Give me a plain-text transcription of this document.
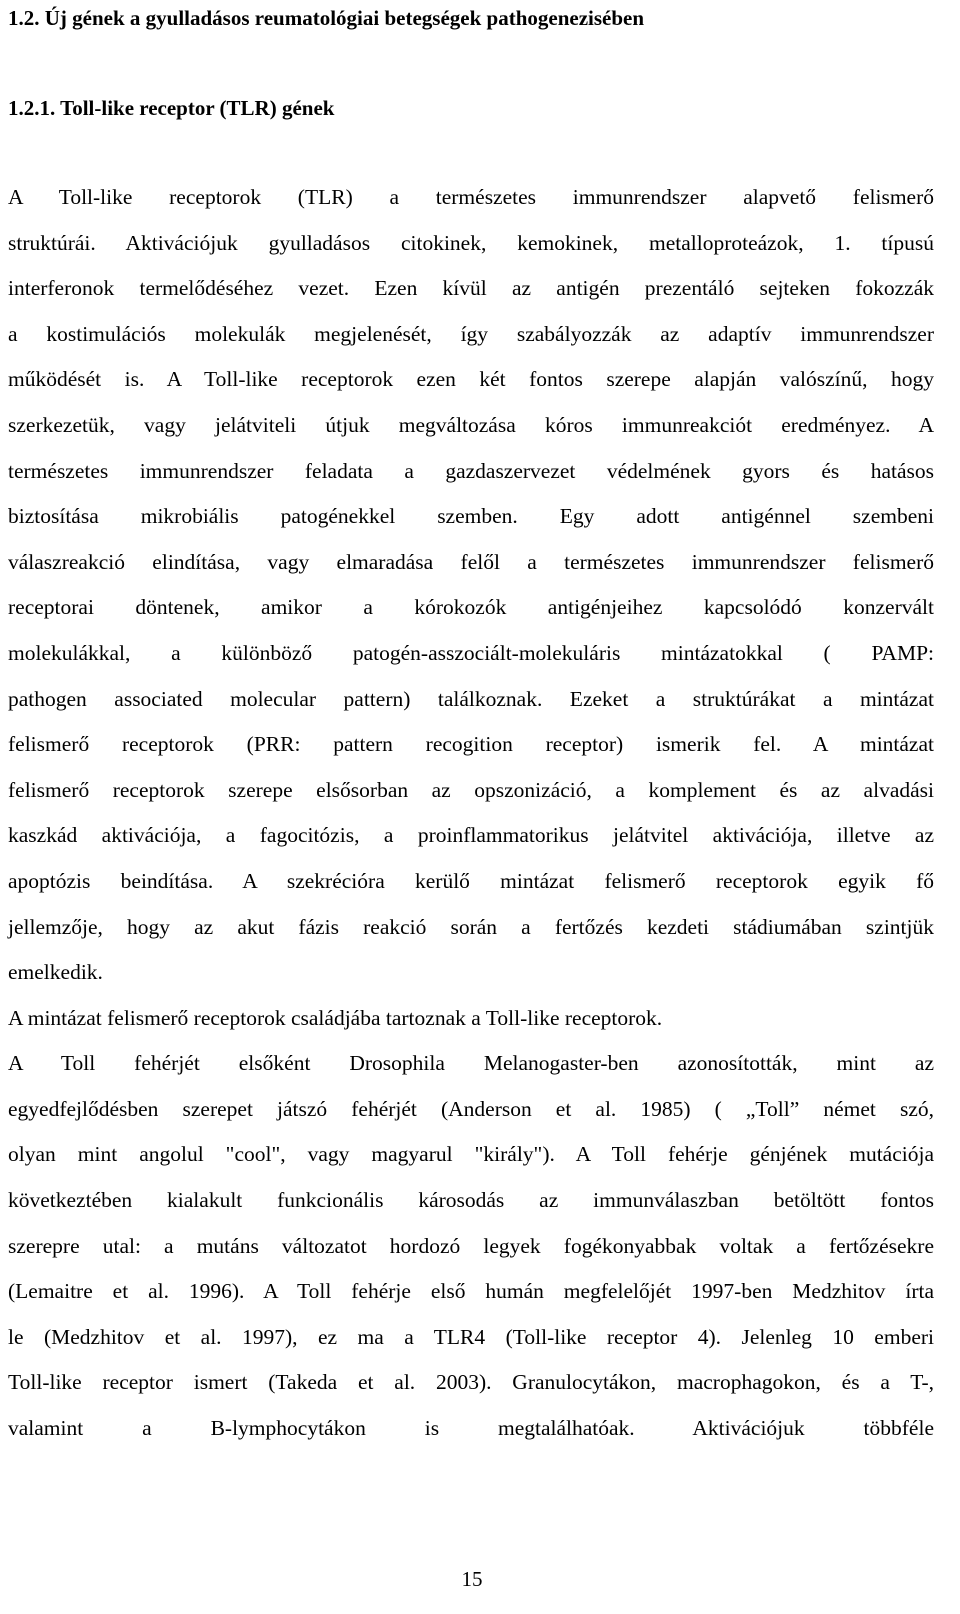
1.2. Új gének a gyulladásos reumatológiai betegségek pathogenezisében
1.2.1. Toll-like receptor (TLR) gének
A Toll-like receptorok (TLR) a természetes immunrendszer alapvető felismerő
struktúrái. Aktivációjuk gyulladásos citokinek, kemokinek, metalloproteázok, 1. típusú
interferonok termelődéséhez vezet. Ezen kívül az antigén prezentáló sejteken fokozzák
a kostimulációs molekulák megjelenését, így szabályozzák az adaptív immunrendszer
működését is. A Toll-like receptorok ezen két fontos szerepe alapján valószínű, hogy
szerkezetük, vagy jelátviteli útjuk megváltozása kóros immunreakciót eredményez. A
természetes immunrendszer feladata a gazdaszervezet védelmének gyors és hatásos
biztosítása mikrobiális patogénekkel szemben. Egy adott antigénnel szembeni
válaszreakció elindítása, vagy elmaradása felől a természetes immunrendszer felismerő
receptorai döntenek, amikor a kórokozók antigénjeihez kapcsolódó konzervált
molekulákkal, a különböző patogén-asszociált-molekuláris mintázatokkal ( PAMP:
pathogen associated molecular pattern) találkoznak. Ezeket a struktúrákat a mintázat
felismerő receptorok (PRR: pattern recogition receptor) ismerik fel. A mintázat
felismerő receptorok szerepe elsősorban az opszonizáció, a komplement és az alvadási
kaszkád aktivációja, a fagocitózis, a proinflammatorikus jelátvitel aktivációja, illetve az
apoptózis beindítása. A szekrécióra kerülő mintázat felismerő receptorok egyik fő
jellemzője, hogy az akut fázis reakció során a fertőzés kezdeti stádiumában szintjük
emelkedik.
A mintázat felismerő receptorok családjába tartoznak a Toll-like receptorok.
A Toll fehérjét elsőként Drosophila Melanogaster-ben azonosították, mint az
egyedfejlődésben szerepet játszó fehérjét (Anderson et al. 1985) ( „Toll” német szó,
olyan mint angolul "cool", vagy magyarul "király"). A Toll fehérje génjének mutációja
következtében kialakult funkcionális károsodás az immunválaszban betöltött fontos
szerepre utal: a mutáns változatot hordozó legyek fogékonyabbak voltak a fertőzésekre
(Lemaitre et al. 1996). A Toll fehérje első humán megfelelőjét 1997-ben Medzhitov írta
le (Medzhitov et al. 1997), ez ma a TLR4 (Toll-like receptor 4). Jelenleg 10 emberi
Toll-like receptor ismert (Takeda et al. 2003). Granulocytákon, macrophagokon, és a T-,
valamint a B-lymphocytákon is megtalálhatóak. Aktivációjuk többféle
15
